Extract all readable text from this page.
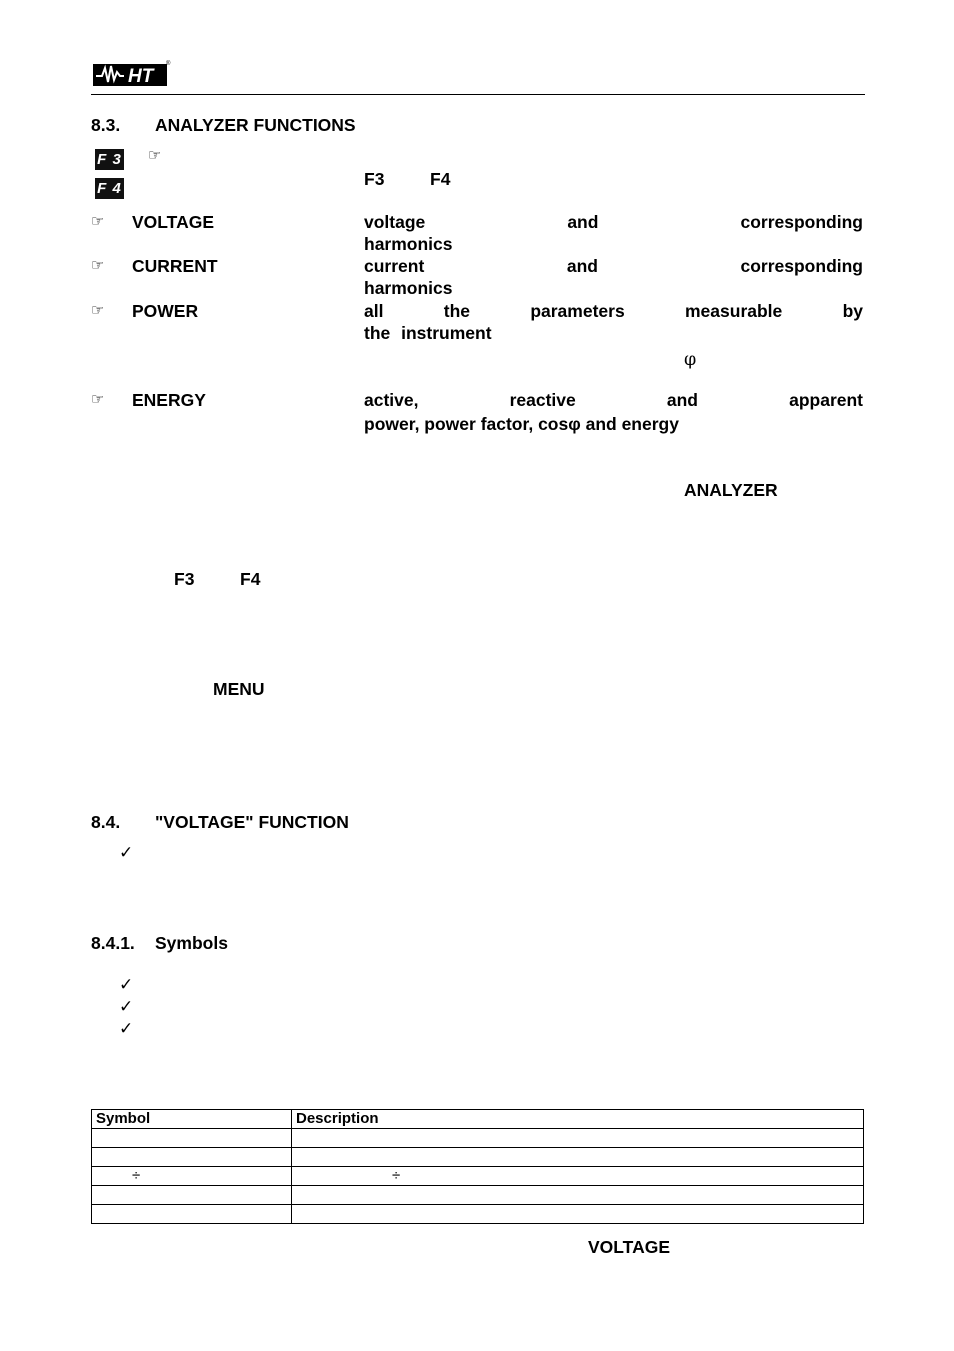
HT
®
8.3. ANALYZER FUNCTIONS
F 3
F 4
☞
F3	F4
☞ VOLTAGE	voltage and corresponding
harmonics
☞ CURRENT	current and corresponding
harmonics
☞ POWER	all the parameters measurable by
the instrument
φ
☞ ENERGY	active, reactive and apparent
power, power factor, cosφ and energy
ANALYZER
F3	F4
MENU
8.4. "VOLTAGE" FUNCTION
✓
8.4.1. Symbols
✓
✓
✓
Symbol	Description

÷	÷

VOLTAGE
